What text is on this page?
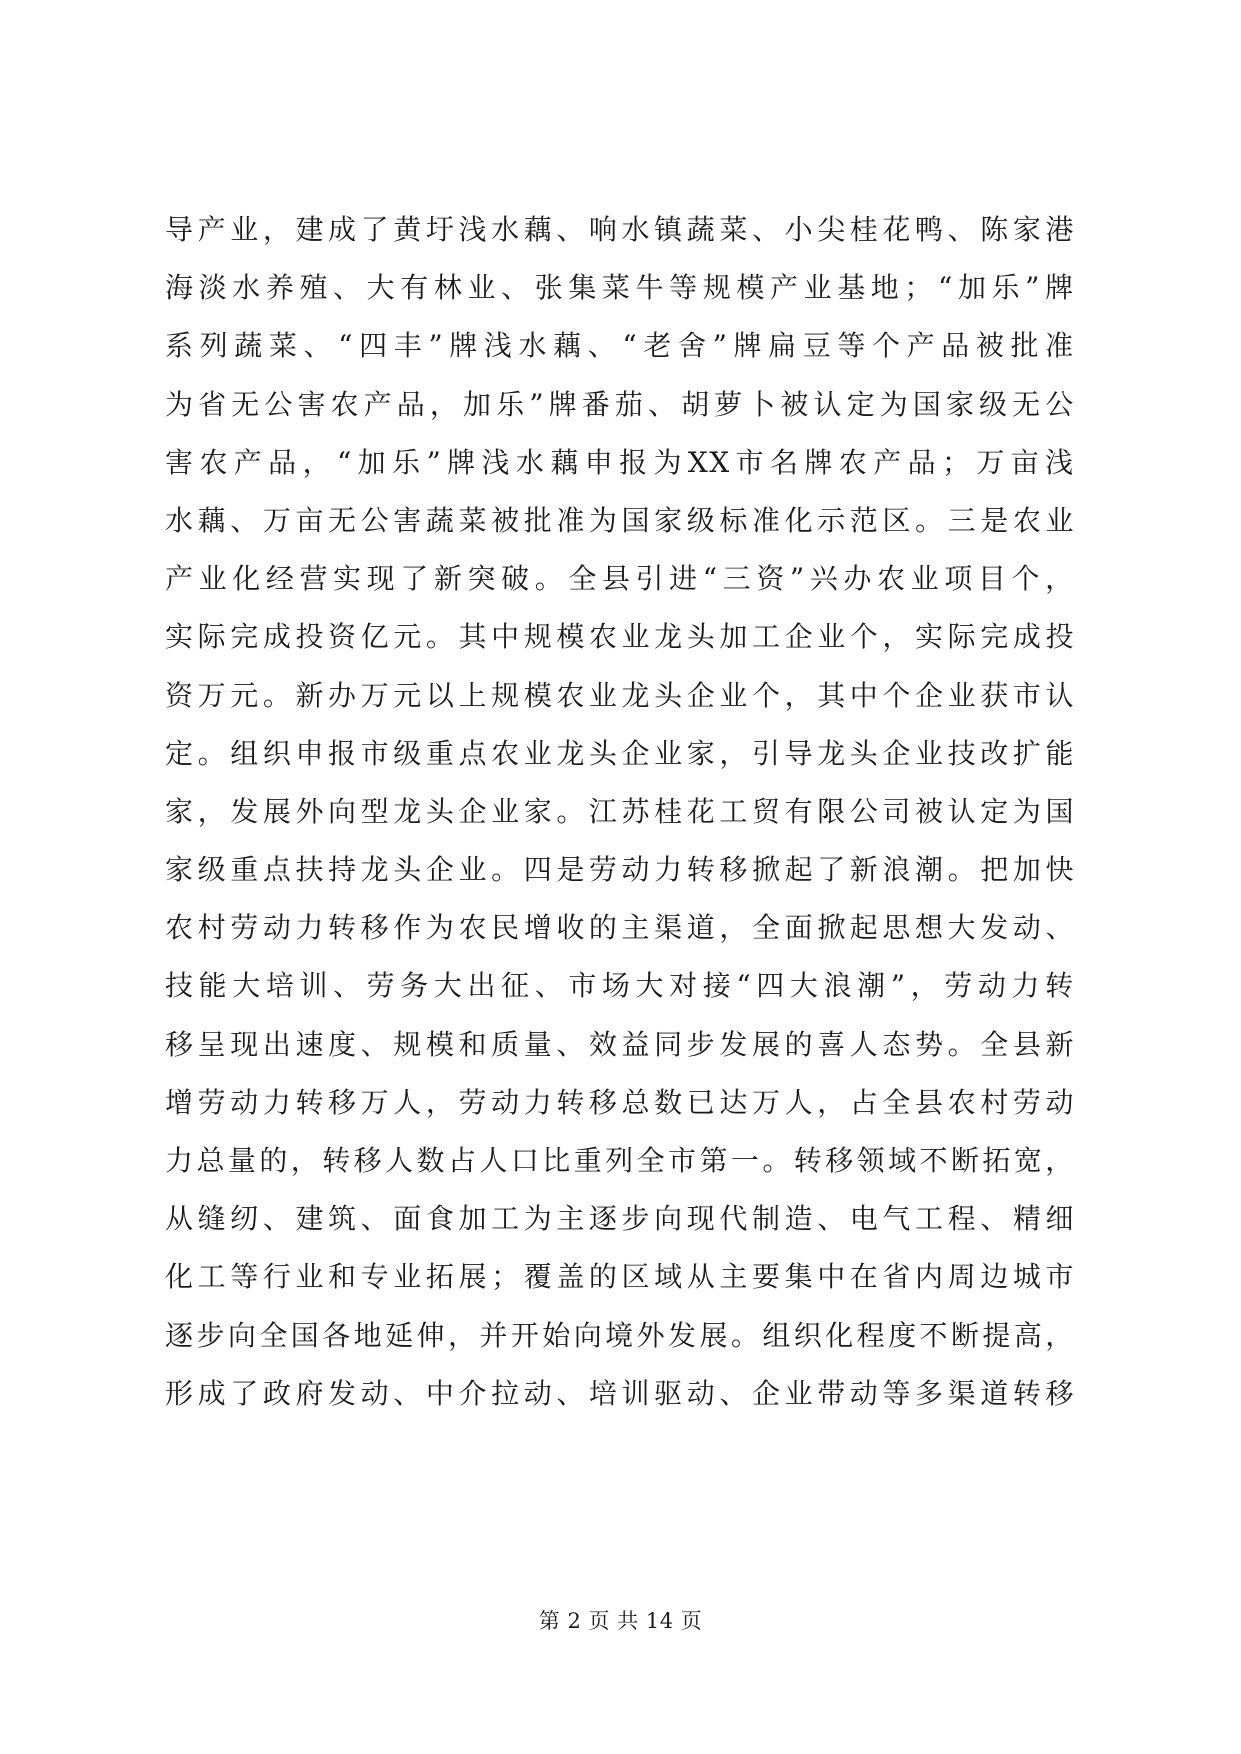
导 产 业 ， 建 成 了 黄 圩 浅 水 藕 、 响 水 镇 蔬 菜 、 小 尖 桂 花 鸭 、 陈 家 港
海 淡 水 养 殖 、 大 有 林 业 、 张 集 菜 牛 等 规 模 产 业 基 地 ； “ 加 乐 ” 牌
系 列 蔬 菜 、 “ 四 丰 ” 牌 浅 水 藕 、 “ 老 舍 ” 牌 扁 豆 等 个 产 品 被 批 准
为 省 无 公 害 农 产 品 ， 加 乐 ” 牌 番 茄 、 胡 萝 卜 被 认 定 为 国 家 级 无 公
害 农 产 品 ， “ 加 乐 ” 牌 浅 水 藕 申 报 为 XX 市 名 牌 农 产 品 ； 万 亩 浅
水 藕 、 万 亩 无 公 害 蔬 菜 被 批 准 为 国 家 级 标 准 化 示 范 区 。 三 是 农 业
产 业 化 经 营 实 现 了 新 突 破 。 全 县 引 进 “ 三 资 ” 兴 办 农 业 项 目 个 ，
实 际 完 成 投 资 亿 元 。 其 中 规 模 农 业 龙 头 加 工 企 业 个 ， 实 际 完 成 投
资 万 元 。 新 办 万 元 以 上 规 模 农 业 龙 头 企 业 个 ， 其 中 个 企 业 获 市 认
定 。 组 织 申 报 市 级 重 点 农 业 龙 头 企 业 家 ， 引 导 龙 头 企 业 技 改 扩 能
家 ， 发 展 外 向 型 龙 头 企 业 家 。 江 苏 桂 花 工 贸 有 限 公 司 被 认 定 为 国
家 级 重 点 扶 持 龙 头 企 业 。 四 是 劳 动 力 转 移 掀 起 了 新 浪 潮 。 把 加 快
农 村 劳 动 力 转 移 作 为 农 民 增 收 的 主 渠 道 ， 全 面 掀 起 思 想 大 发 动 、
技 能 大 培 训 、 劳 务 大 出 征 、 市 场 大 对 接 “ 四 大 浪 潮 ” ， 劳 动 力 转
移 呈 现 出 速 度 、 规 模 和 质 量 、 效 益 同 步 发 展 的 喜 人 态 势 。 全 县 新
增 劳 动 力 转 移 万 人 ， 劳 动 力 转 移 总 数 已 达 万 人 ， 占 全 县 农 村 劳 动
力 总 量 的 ， 转 移 人 数 占 人 口 比 重 列 全 市 第 一 。 转 移 领 域 不 断 拓 宽 ，
从 缝 纫 、 建 筑 、 面 食 加 工 为 主 逐 步 向 现 代 制 造 、 电 气 工 程 、 精 细
化 工 等 行 业 和 专 业 拓 展 ； 覆 盖 的 区 域 从 主 要 集 中 在 省 内 周 边 城 市
逐 步 向 全 国 各 地 延 伸 ， 并 开 始 向 境 外 发 展 。 组 织 化 程 度 不 断 提 高 ，
形 成 了 政 府 发 动 、 中 介 拉 动 、 培 训 驱 动 、 企 业 带 动 等 多 渠 道 转 移
第 2 页 共 14 页
